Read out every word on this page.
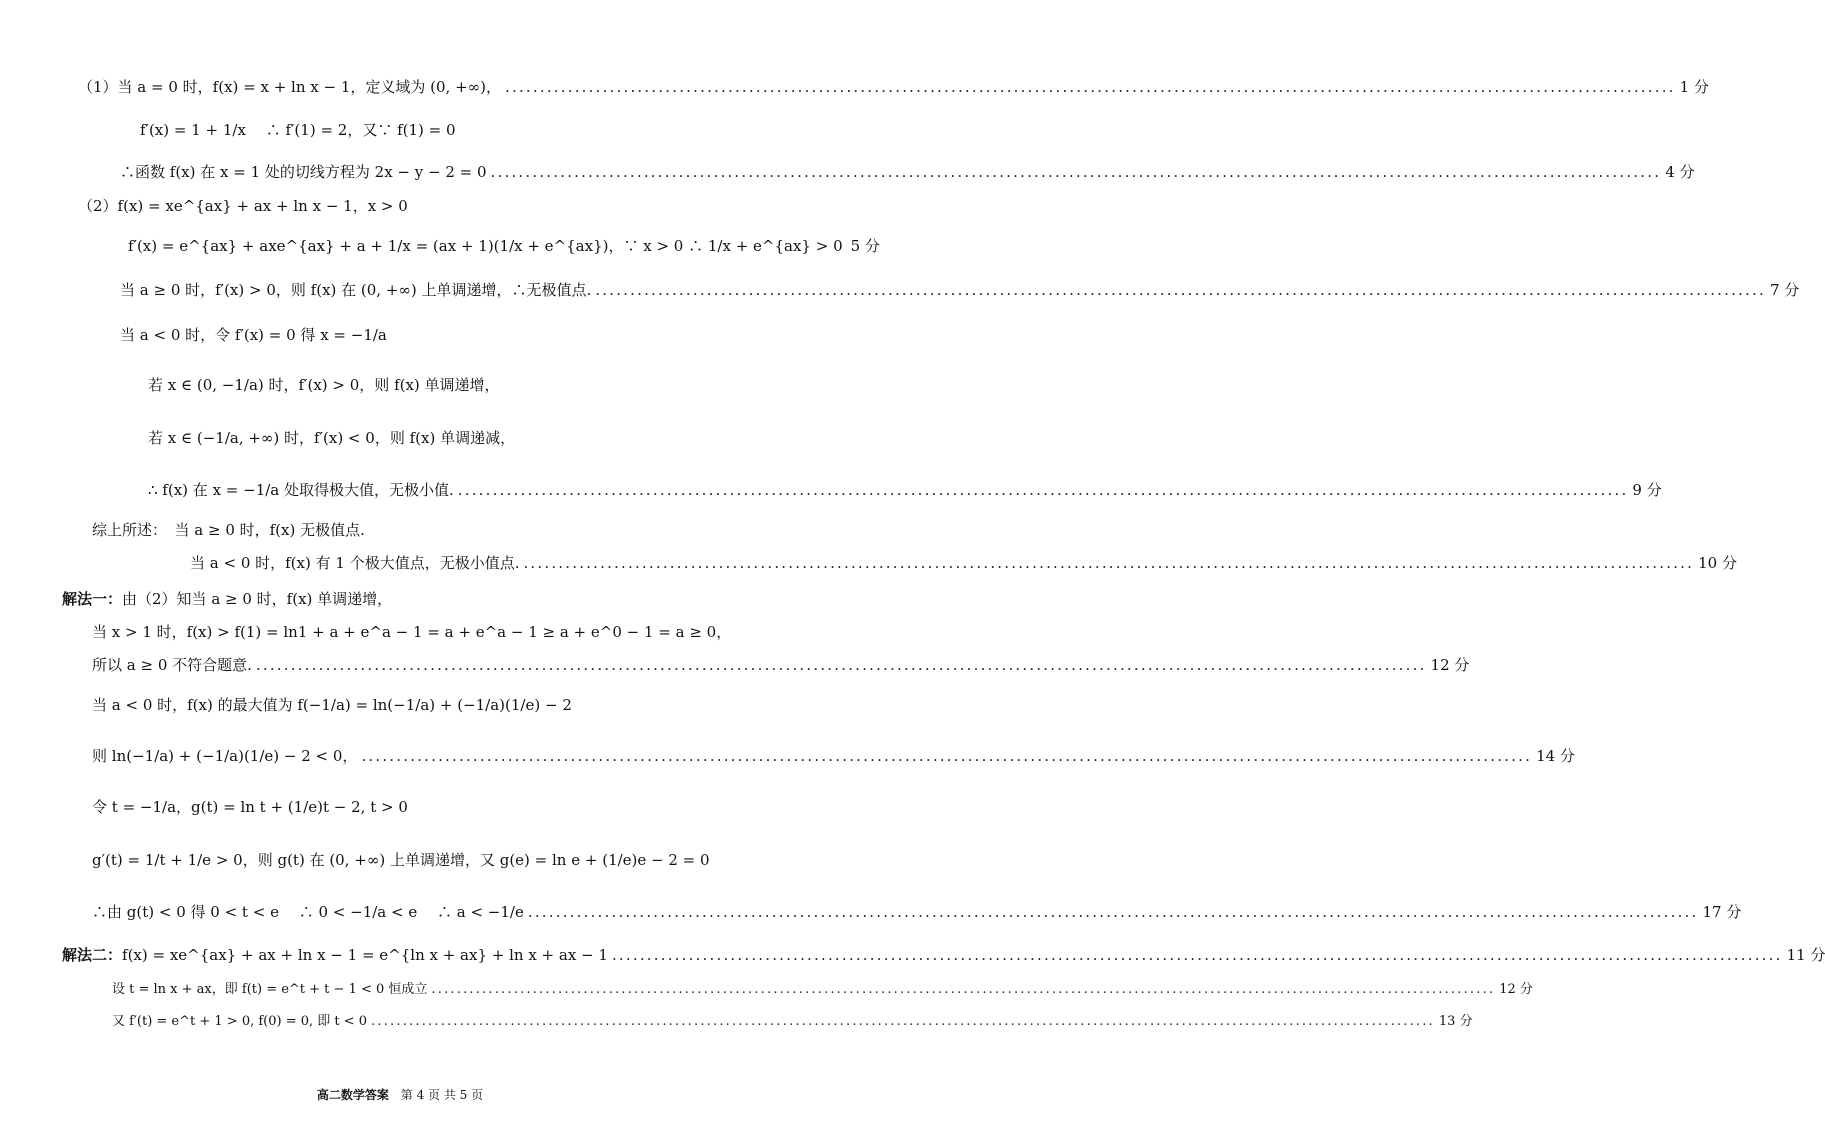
（1）当 a = 0 时，f(x) = x + ln x − 1，定义域为 (0, +∞)， .....	1 分
f′(x) = 1 + 1/x　 ∴ f′(1) = 2，又∵ f(1) = 0
∴函数 f(x) 在 x = 1 处的切线方程为 2x − y − 2 = 0 .....	4 分
（2）f(x) = xe^{ax} + ax + ln x − 1，x > 0
f′(x) = e^{ax} + axe^{ax} + a + 1/x = (ax + 1)(1/x + e^{ax})，∵ x > 0 ∴ 1/x + e^{ax} > 0 5 分
当 a ≥ 0 时，f′(x) > 0，则 f(x) 在 (0, +∞) 上单调递增，∴无极值点. .....	7 分
当 a < 0 时，令 f′(x) = 0 得 x = −1/a
若 x ∈ (0, −1/a) 时，f′(x) > 0，则 f(x) 单调递增，
若 x ∈ (−1/a, +∞) 时，f′(x) < 0，则 f(x) 单调递减，
∴ f(x) 在 x = −1/a 处取得极大值，无极小值. .....	9 分
综上所述：　当 a ≥ 0 时，f(x) 无极值点.
当 a < 0 时，f(x) 有 1 个极大值点，无极小值点. .....	10 分
解法一： 由（2）知当 a ≥ 0 时，f(x) 单调递增，
当 x > 1 时，f(x) > f(1) = ln1 + a + e^a − 1 = a + e^a − 1 ≥ a + e^0 − 1 = a ≥ 0，
所以 a ≥ 0 不符合题意. .....	12 分
当 a < 0 时，f(x) 的最大值为 f(−1/a) = ln(−1/a) + (−1/a)(1/e) − 2
则 ln(−1/a) + (−1/a)(1/e) − 2 < 0， .....	14 分
令 t = −1/a，g(t) = ln t + (1/e)t − 2, t > 0
g′(t) = 1/t + 1/e > 0，则 g(t) 在 (0, +∞) 上单调递增，又 g(e) = ln e + (1/e)e − 2 = 0
∴由 g(t) < 0 得 0 < t < e　 ∴ 0 < −1/a < e　 ∴ a < −1/e .....	17 分
解法二： f(x) = xe^{ax} + ax + ln x − 1 = e^{ln x + ax} + ln x + ax − 1 .....	11 分
设 t = ln x + ax，即 f(t) = e^t + t − 1 < 0 恒成立 .....	12 分
又 f′(t) = e^t + 1 > 0, f(0) = 0, 即 t < 0 .....	13 分
高二数学答案 第 4 页 共 5 页
